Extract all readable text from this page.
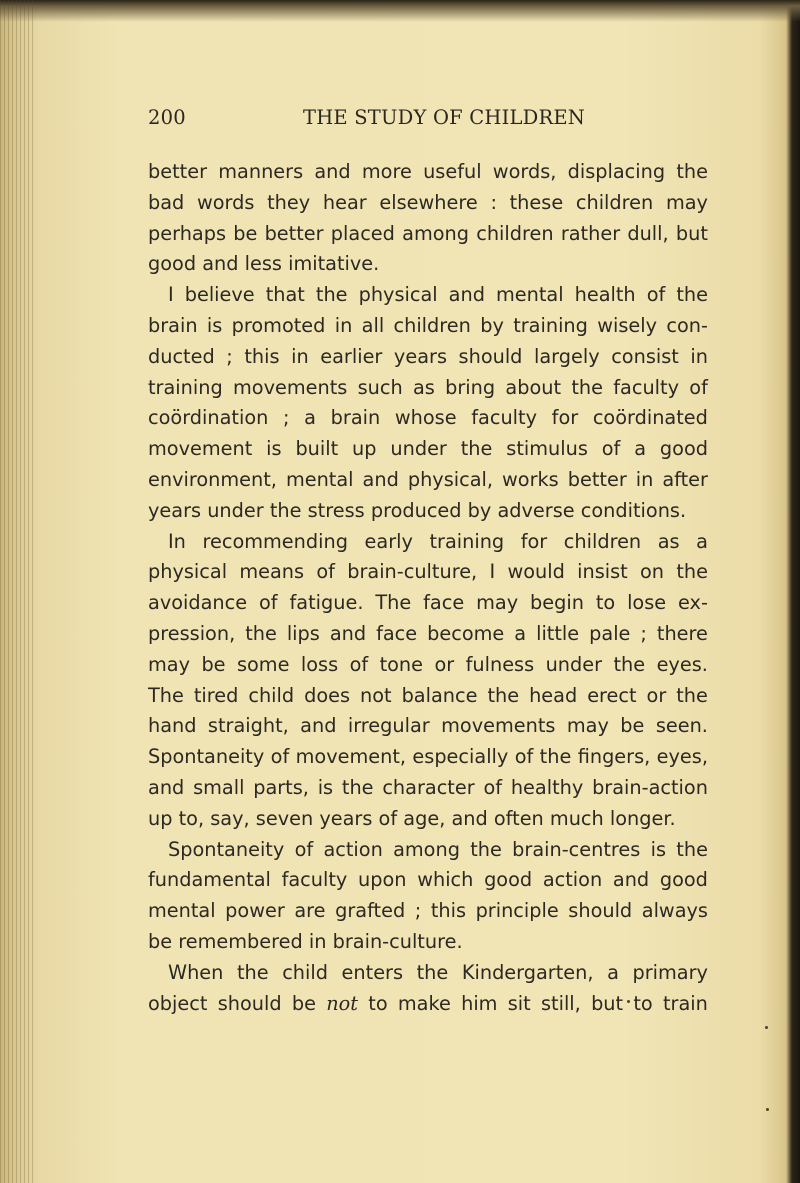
200	THE STUDY OF CHILDREN
better manners and more useful words, displacing the
bad words they hear elsewhere : these children may
perhaps be better placed among children rather dull, but
good
and
less
imitative.
I believe that the physical and mental health of the
brain is promoted in all children by training wisely con-
ducted ; this in earlier years should largely consist in
training movements such as bring about the faculty of
coördination ; a brain whose faculty for coördinated
movement is built up under the stimulus of a good
environment, mental and physical, works better in after
years
under
the
stress
produced
by
adverse
conditions.
In recommending early training for children as a
physical means of brain-culture, I would insist on the
avoidance of fatigue. The face may begin to lose ex-
pression, the lips and face become a little pale ; there
may be some loss of tone or fulness under the eyes.
The tired child does not balance the head erect or the
hand straight, and irregular movements may be seen.
Spontaneity of movement, especially of the fingers, eyes,
and small parts, is the character of healthy brain-action
up
to,
say,
seven
years
of
age,
and
often
much
longer.
Spontaneity of action among the brain-centres is the
fundamental faculty upon which good action and good
mental power are grafted ; this principle should always
be
remembered
in
brain-culture.
When the child enters the Kindergarten, a primary
object should be not to make him sit still, but to train
